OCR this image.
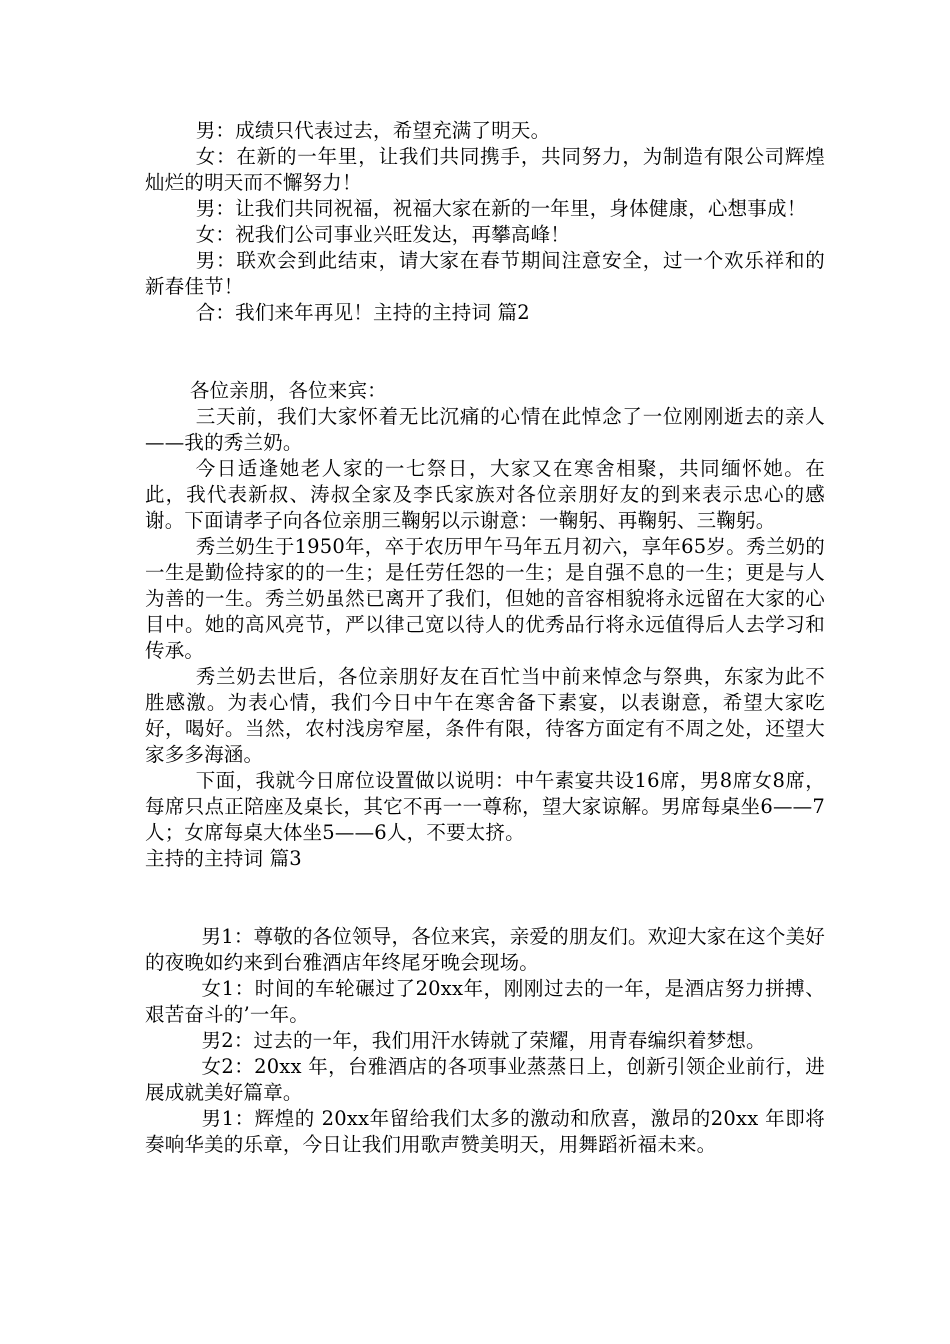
男：成绩只代表过去，希望充满了明天。

女：在新的一年里，让我们共同携手，共同努力，为制造有限公司辉煌灿烂的明天而不懈努力！

男：让我们共同祝福，祝福大家在新的一年里，身体健康，心想事成！

女：祝我们公司事业兴旺发达，再攀高峰！

男：联欢会到此结束，请大家在春节期间注意安全，过一个欢乐祥和的新春佳节！

合：我们来年再见！主持的主持词 篇2

各位亲朋，各位来宾：

三天前，我们大家怀着无比沉痛的心情在此悼念了一位刚刚逝去的亲人——我的秀兰奶。

今日适逢她老人家的一七祭日，大家又在寒舍相聚，共同缅怀她。在此，我代表新叔、涛叔全家及李氏家族对各位亲朋好友的到来表示忠心的感谢。下面请孝子向各位亲朋三鞠躬以示谢意：一鞠躬、再鞠躬、三鞠躬。

秀兰奶生于1950年，卒于农历甲午马年五月初六，享年65岁。秀兰奶的一生是勤俭持家的的一生；是任劳任怨的一生；是自强不息的一生；更是与人为善的一生。秀兰奶虽然已离开了我们，但她的音容相貌将永远留在大家的心目中。她的高风亮节，严以律己宽以待人的优秀品行将永远值得后人去学习和传承。

秀兰奶去世后，各位亲朋好友在百忙当中前来悼念与祭典，东家为此不胜感激。为表心情，我们今日中午在寒舍备下素宴，以表谢意，希望大家吃好，喝好。当然，农村浅房窄屋，条件有限，待客方面定有不周之处，还望大家多多海涵。

下面，我就今日席位设置做以说明：中午素宴共设16席，男8席女8席，每席只点正陪座及桌长，其它不再一一尊称，望大家谅解。男席每桌坐6——7人；女席每桌大体坐5——6人，不要太挤。

主持的主持词 篇3

男1：尊敬的各位领导，各位来宾，亲爱的朋友们。欢迎大家在这个美好的夜晚如约来到台雅酒店年终尾牙晚会现场。

女1：时间的车轮碾过了20xx年，刚刚过去的一年，是酒店努力拼搏、艰苦奋斗的’一年。

男2：过去的一年，我们用汗水铸就了荣耀，用青春编织着梦想。

女2：20xx 年，台雅酒店的各项事业蒸蒸日上，创新引领企业前行，进展成就美好篇章。

男1：辉煌的 20xx年留给我们太多的激动和欣喜，激昂的20xx 年即将奏响华美的乐章，今日让我们用歌声赞美明天，用舞蹈祈福未来。
